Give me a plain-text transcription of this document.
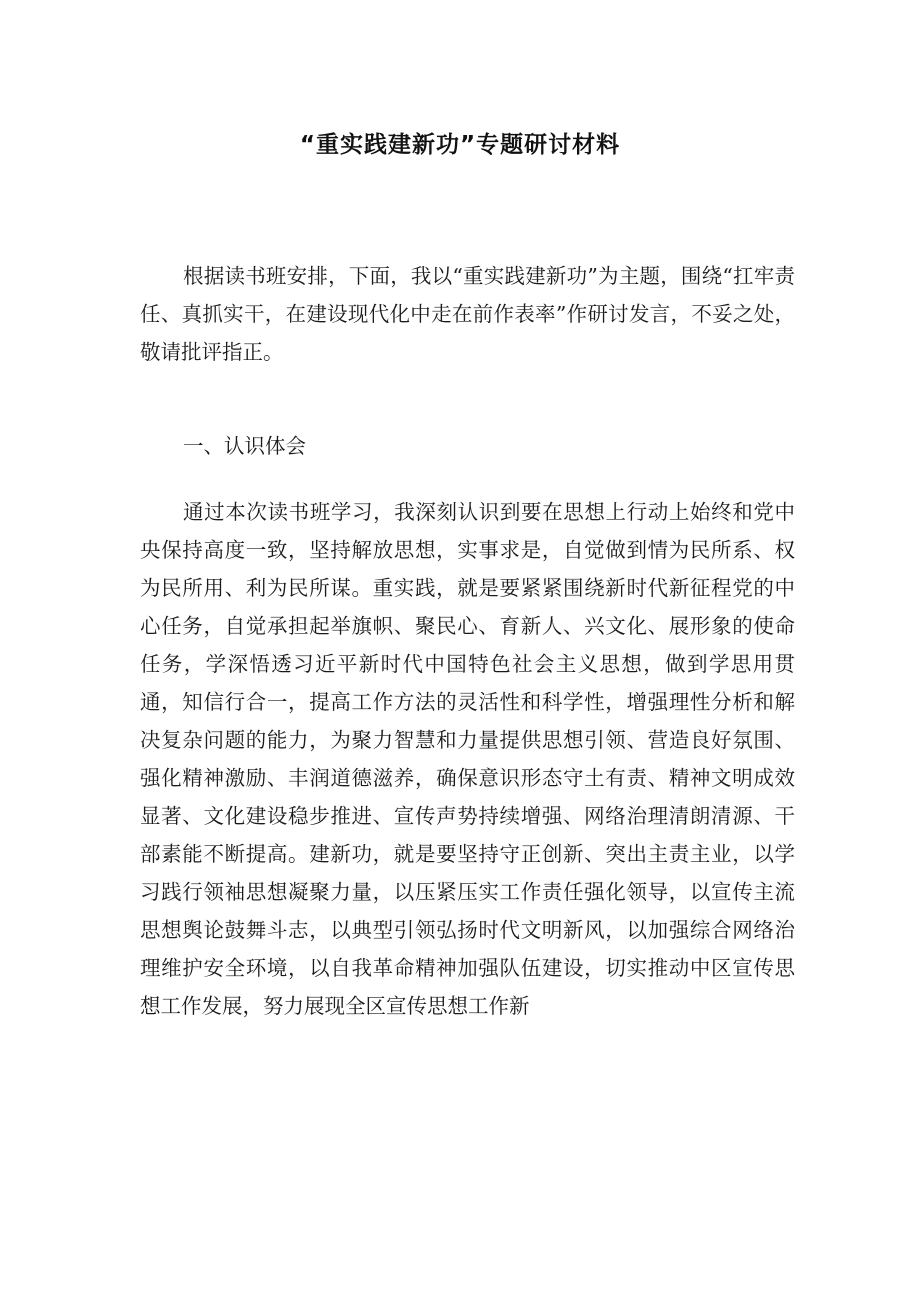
“重实践建新功”专题研讨材料

根据读书班安排，下面，我以“重实践建新功”为主题，围绕“扛牢责任、真抓实干，在建设现代化中走在前作表率”作研讨发言，不妥之处，敬请批评指正。

一、认识体会

通过本次读书班学习，我深刻认识到要在思想上行动上始终和党中央保持高度一致，坚持解放思想，实事求是，自觉做到情为民所系、权为民所用、利为民所谋。重实践，就是要紧紧围绕新时代新征程党的中心任务，自觉承担起举旗帜、聚民心、育新人、兴文化、展形象的使命任务，学深悟透习近平新时代中国特色社会主义思想，做到学思用贯通，知信行合一，提高工作方法的灵活性和科学性，增强理性分析和解决复杂问题的能力，为聚力智慧和力量提供思想引领、营造良好氛围、强化精神激励、丰润道德滋养，确保意识形态守土有责、精神文明成效显著、文化建设稳步推进、宣传声势持续增强、网络治理清朗清源、干部素能不断提高。建新功，就是要坚持守正创新、突出主责主业，以学习践行领袖思想凝聚力量，以压紧压实工作责任强化领导，以宣传主流思想舆论鼓舞斗志，以典型引领弘扬时代文明新风，以加强综合网络治理维护安全环境，以自我革命精神加强队伍建设，切实推动中区宣传思想工作发展，努力展现全区宣传思想工作新
